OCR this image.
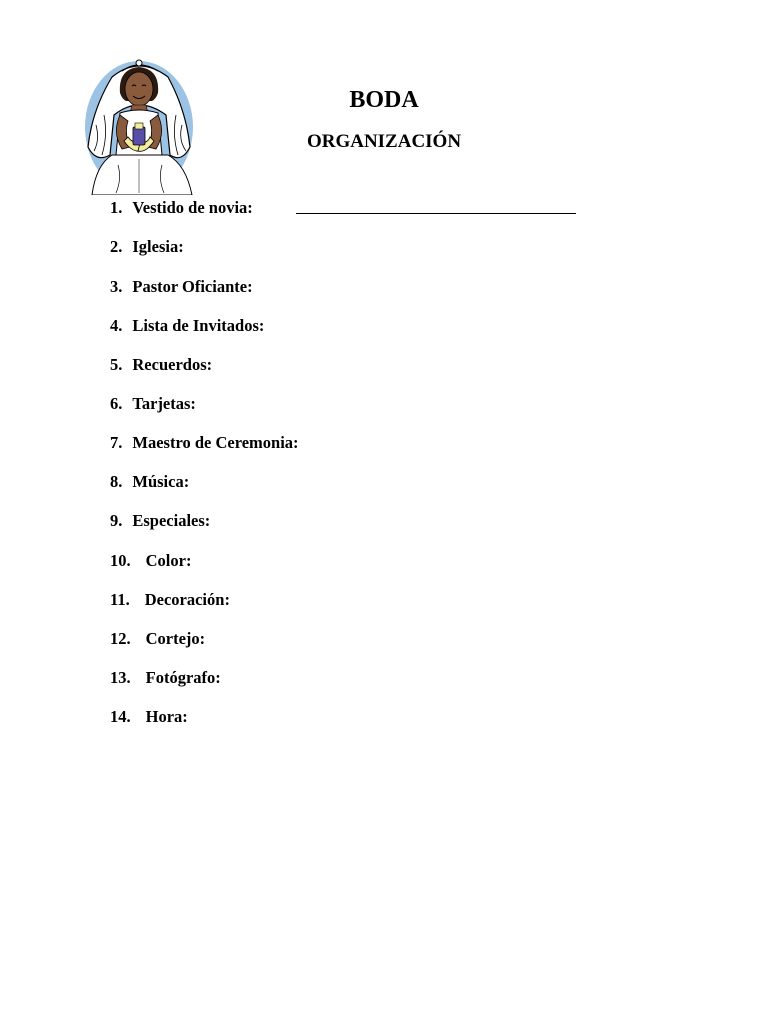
BODA
ORGANIZACIÓN
1. Vestido de novia:
2. Iglesia:
3. Pastor Oficiante:
4. Lista de Invitados:
5. Recuerdos:
6. Tarjetas:
7. Maestro de Ceremonia:
8. Música:
9. Especiales:
10. Color:
11. Decoración:
12. Cortejo:
13. Fotógrafo:
14. Hora:
